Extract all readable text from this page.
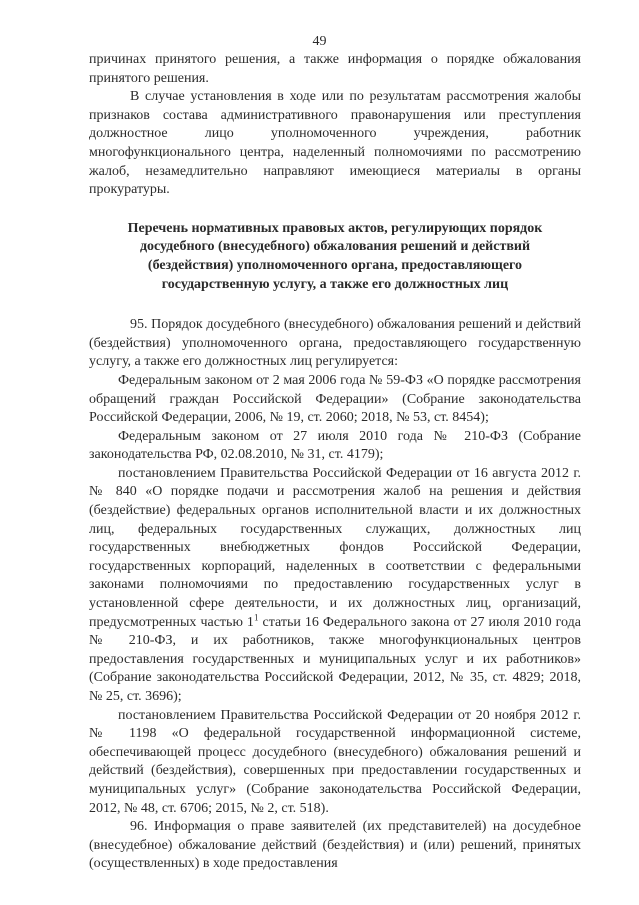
49

причинах принятого решения, а также информация о порядке обжалования принятого решения.

В случае установления в ходе или по результатам рассмотрения жалобы признаков состава административного правонарушения или преступления должностное лицо уполномоченного учреждения, работник многофункционального центра, наделенный полномочиями по рассмотрению жалоб, незамедлительно направляют имеющиеся материалы в органы прокуратуры.

Перечень нормативных правовых актов, регулирующих порядок досудебного (внесудебного) обжалования решений и действий (бездействия) уполномоченного органа, предоставляющего государственную услугу, а также его должностных лиц

95. Порядок досудебного (внесудебного) обжалования решений и действий (бездействия) уполномоченного органа, предоставляющего государственную услугу, а также его должностных лиц регулируется:

Федеральным законом от 2 мая 2006 года № 59-ФЗ «О порядке рассмотрения обращений граждан Российской Федерации» (Собрание законодательства Российской Федерации, 2006, № 19, ст. 2060; 2018, № 53, ст. 8454);

Федеральным законом от 27 июля 2010 года № 210-ФЗ (Собрание законодательства РФ, 02.08.2010, № 31, ст. 4179);

постановлением Правительства Российской Федерации от 16 августа 2012 г. № 840 «О порядке подачи и рассмотрения жалоб на решения и действия (бездействие) федеральных органов исполнительной власти и их должностных лиц, федеральных государственных служащих, должностных лиц государственных внебюджетных фондов Российской Федерации, государственных корпораций, наделенных в соответствии с федеральными законами полномочиями по предоставлению государственных услуг в установленной сфере деятельности, и их должностных лиц, организаций, предусмотренных частью $1^1$ статьи 16 Федерального закона от 27 июля 2010 года № 210-ФЗ, и их работников, также многофункциональных центров предоставления государственных и муниципальных услуг и их работников» (Собрание законодательства Российской Федерации, 2012, № 35, ст. 4829; 2018, № 25, ст. 3696);

постановлением Правительства Российской Федерации от 20 ноября 2012 г. № 1198 «О федеральной государственной информационной системе, обеспечивающей процесс досудебного (внесудебного) обжалования решений и действий (бездействия), совершенных при предоставлении государственных и муниципальных услуг» (Собрание законодательства Российской Федерации, 2012, № 48, ст. 6706; 2015, № 2, ст. 518).

96. Информация о праве заявителей (их представителей) на досудебное (внесудебное) обжалование действий (бездействия) и (или) решений, принятых (осуществленных) в ходе предоставления
